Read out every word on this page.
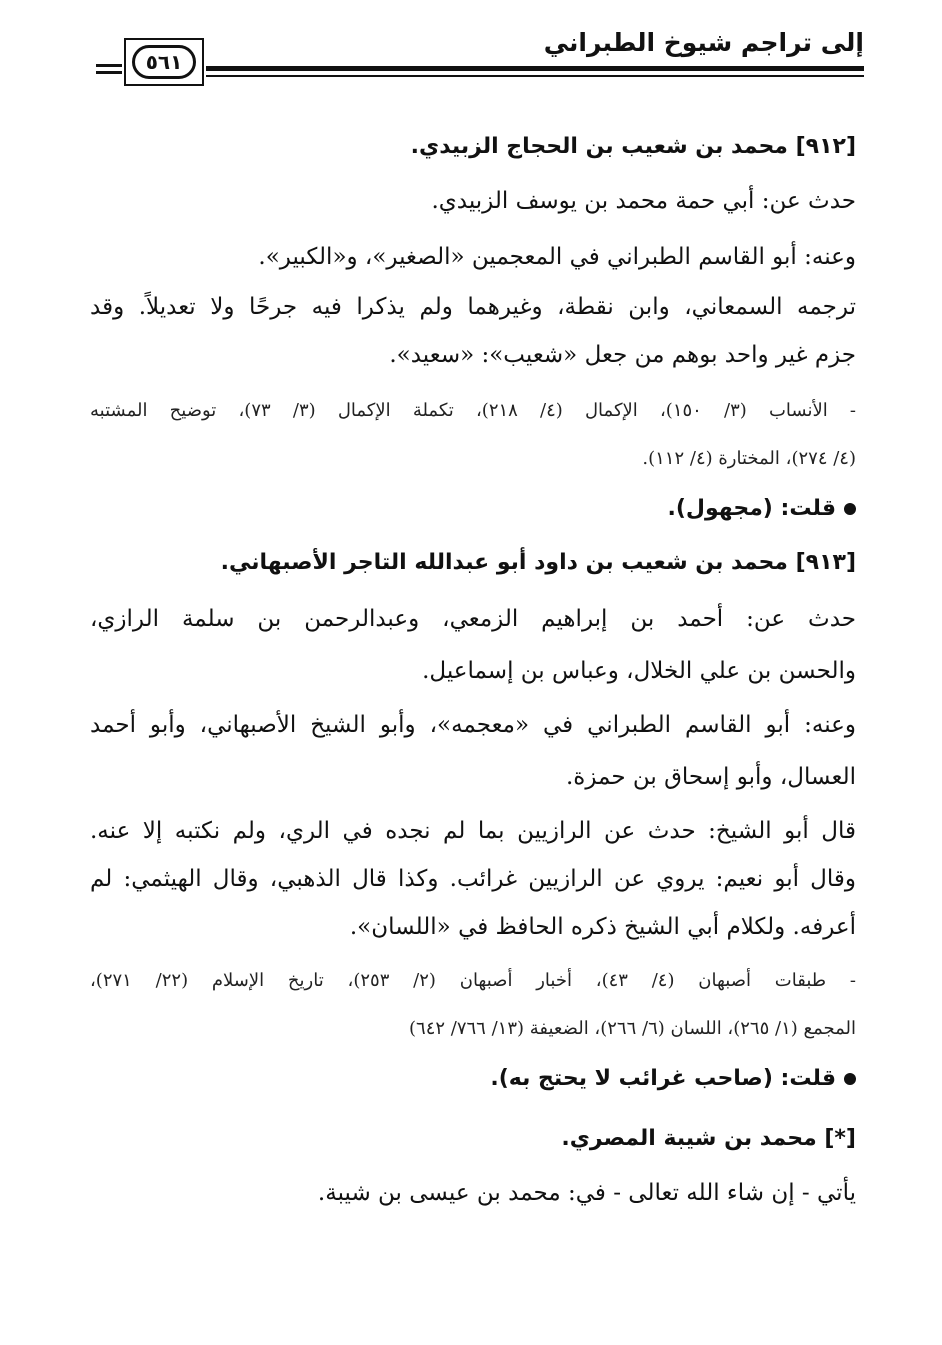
إلى تراجم شيوخ الطبراني
٥٦١
[٩١٢] محمد بن شعيب بن الحجاج الزبيدي.
حدث عن: أبي حمة محمد بن يوسف الزبيدي.
وعنه: أبو القاسم الطبراني في المعجمين «الصغير»، و«الكبير».
ترجمه السمعاني، وابن نقطة، وغيرهما ولم يذكرا فيه جرحًا ولا تعديلاً. وقد
جزم غير واحد بوهم من جعل «شعيب»: «سعيد».
- الأنساب (٣/ ١٥٠)، الإكمال (٤/ ٢١٨)، تكملة الإكمال (٣/ ٧٣)، توضيح المشتبه
(٤/ ٢٧٤)، المختارة (٤/ ١١٢).
قلت: (مجهول).
[٩١٣] محمد بن شعيب بن داود أبو عبدالله التاجر الأصبهاني.
حدث عن: أحمد بن إبراهيم الزمعي، وعبدالرحمن بن سلمة الرازي،
والحسن بن علي الخلال، وعباس بن إسماعيل.
وعنه: أبو القاسم الطبراني في «معجمه»، وأبو الشيخ الأصبهاني، وأبو أحمد
العسال، وأبو إسحاق بن حمزة.
قال أبو الشيخ: حدث عن الرازيين بما لم نجده في الري، ولم نكتبه إلا عنه.
وقال أبو نعيم: يروي عن الرازيين غرائب. وكذا قال الذهبي، وقال الهيثمي: لم
أعرفه. ولكلام أبي الشيخ ذكره الحافظ في «اللسان».
- طبقات أصبهان (٤/ ٤٣)، أخبار أصبهان (٢/ ٢٥٣)، تاريخ الإسلام (٢٢/ ٢٧١)،
المجمع (١/ ٢٦٥)، اللسان (٦/ ٢٦٦)، الضعيفة (١٣/ ٧٦٦/ ٦٤٢)
قلت: (صاحب غرائب لا يحتج به).
[*] محمد بن شيبة المصري.
يأتي - إن شاء الله تعالى - في: محمد بن عيسى بن شيبة.
